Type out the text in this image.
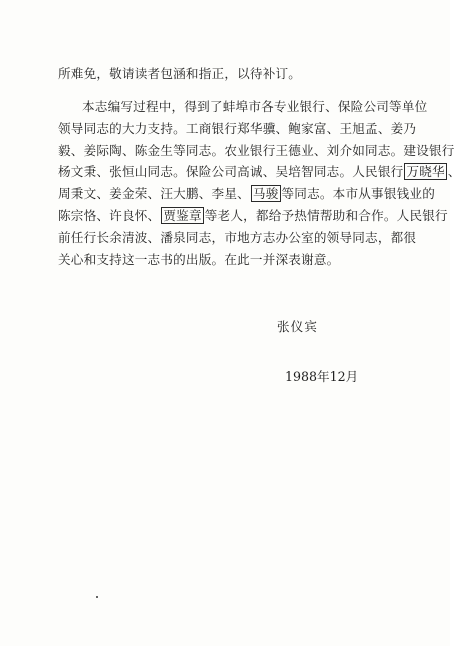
所难免，敬请读者包涵和指正，以待补订。
本志编写过程中，得到了蚌埠市各专业银行、保险公司等单位
领导同志的大力支持。工商银行郑华骥、鲍家富、王旭孟、姜乃
毅、姜际陶、陈金生等同志。农业银行王德业、刘介如同志。建设银行
杨文秉、张恒山同志。保险公司高诚、吴培智同志。人民银行 万晓华 、
周秉文、姜金荣、汪大鹏、李星、 马骏 等同志。本市从事银钱业的
陈宗恪、许良怀、 贾鉴章 等老人，都给予热情帮助和合作。人民银行
前任行长余清波、潘泉同志，市地方志办公室的领导同志，都很
关心和支持这一志书的出版。在此一并深表谢意。
张仪宾
1988年12月
